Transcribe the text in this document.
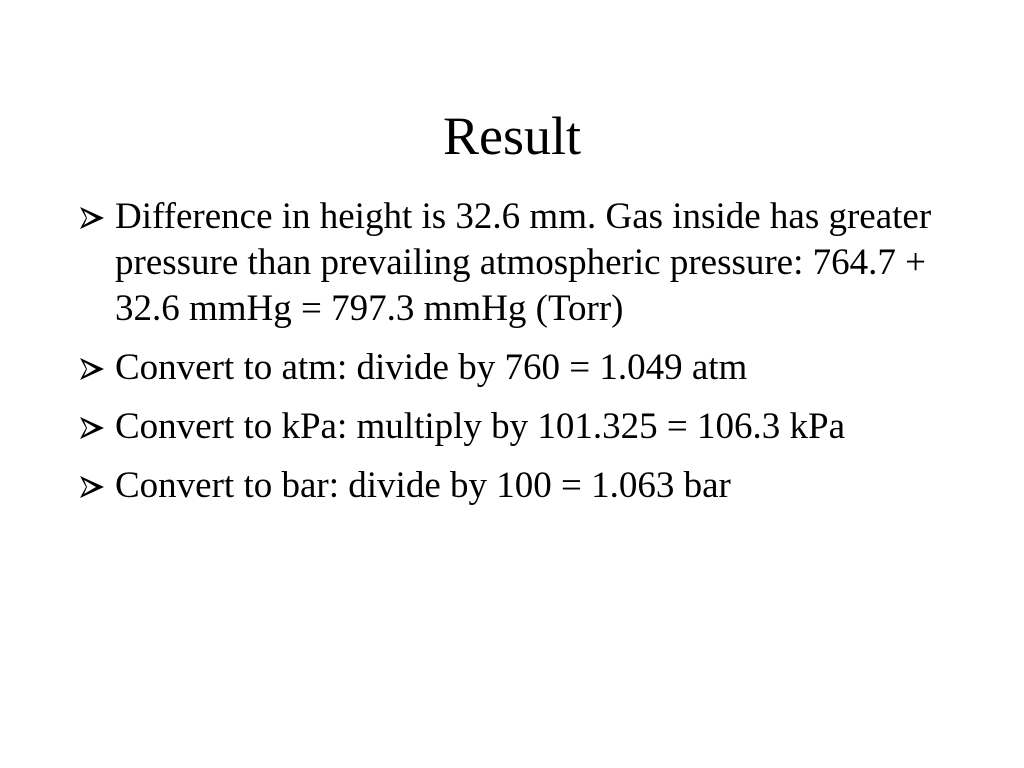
Result
Difference in height is 32.6 mm. Gas inside has greater pressure than prevailing atmospheric pressure: 764.7 + 32.6 mmHg = 797.3 mmHg (Torr)
Convert to atm: divide by 760 = 1.049 atm
Convert to kPa: multiply by 101.325 = 106.3 kPa
Convert to bar: divide by 100 = 1.063 bar
